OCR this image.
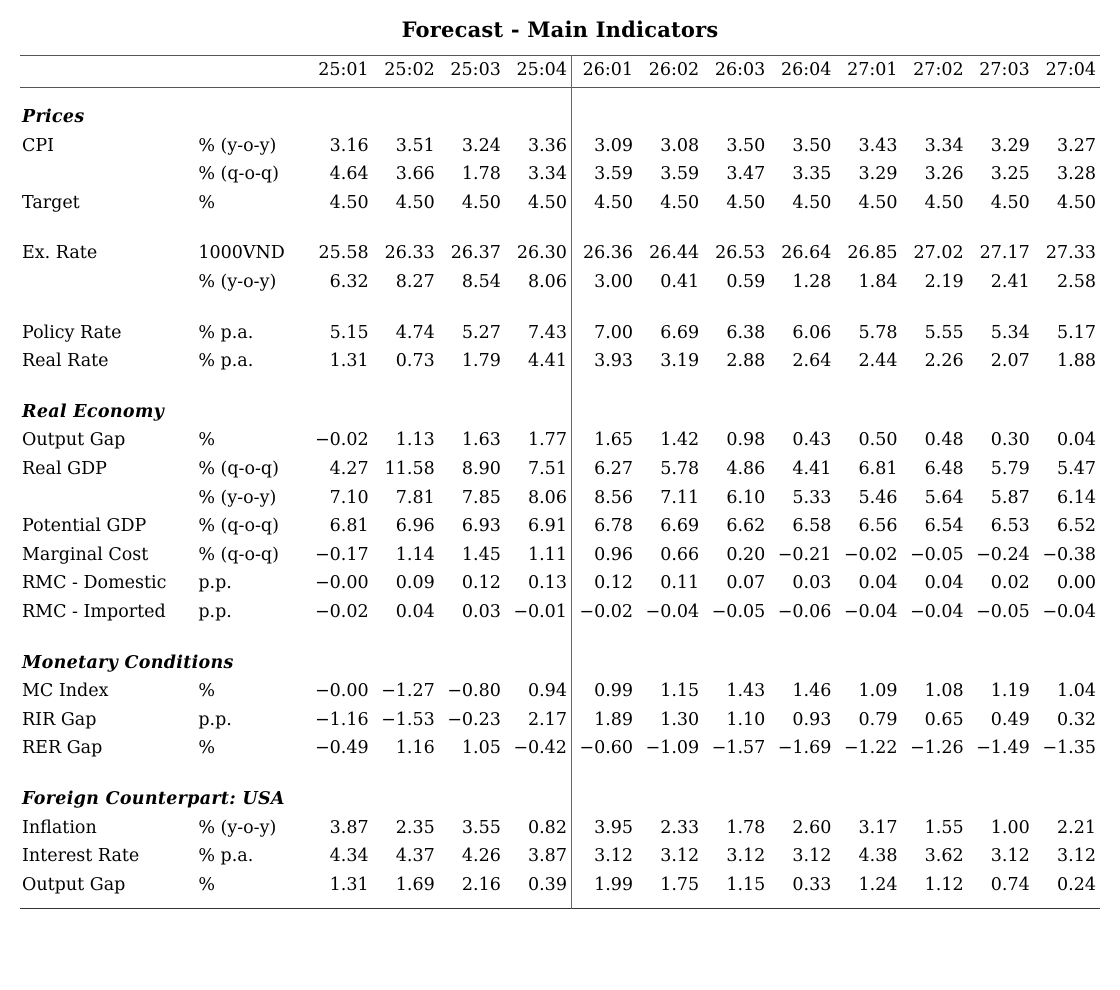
Forecast - Main Indicators

		25:01	25:02	25:03	25:04	26:01	26:02	26:03	26:04	27:01	27:02	27:03	27:04

Prices													
CPI	% (y-o-y)	3.16	3.51	3.24	3.36	3.09	3.08	3.50	3.50	3.43	3.34	3.29	3.27
	% (q-o-q)	4.64	3.66	1.78	3.34	3.59	3.59	3.47	3.35	3.29	3.26	3.25	3.28
Target	%	4.50	4.50	4.50	4.50	4.50	4.50	4.50	4.50	4.50	4.50	4.50	4.50

Ex. Rate	1000VND	25.58	26.33	26.37	26.30	26.36	26.44	26.53	26.64	26.85	27.02	27.17	27.33
	% (y-o-y)	6.32	8.27	8.54	8.06	3.00	0.41	0.59	1.28	1.84	2.19	2.41	2.58

Policy Rate	% p.a.	5.15	4.74	5.27	7.43	7.00	6.69	6.38	6.06	5.78	5.55	5.34	5.17
Real Rate	% p.a.	1.31	0.73	1.79	4.41	3.93	3.19	2.88	2.64	2.44	2.26	2.07	1.88

Real Economy													
Output Gap	%	−0.02	1.13	1.63	1.77	1.65	1.42	0.98	0.43	0.50	0.48	0.30	0.04
Real GDP	% (q-o-q)	4.27	11.58	8.90	7.51	6.27	5.78	4.86	4.41	6.81	6.48	5.79	5.47
	% (y-o-y)	7.10	7.81	7.85	8.06	8.56	7.11	6.10	5.33	5.46	5.64	5.87	6.14
Potential GDP	% (q-o-q)	6.81	6.96	6.93	6.91	6.78	6.69	6.62	6.58	6.56	6.54	6.53	6.52
Marginal Cost	% (q-o-q)	−0.17	1.14	1.45	1.11	0.96	0.66	0.20	−0.21	−0.02	−0.05	−0.24	−0.38
RMC - Domestic	p.p.	−0.00	0.09	0.12	0.13	0.12	0.11	0.07	0.03	0.04	0.04	0.02	0.00
RMC - Imported	p.p.	−0.02	0.04	0.03	−0.01	−0.02	−0.04	−0.05	−0.06	−0.04	−0.04	−0.05	−0.04

Monetary Conditions													
MC Index	%	−0.00	−1.27	−0.80	0.94	0.99	1.15	1.43	1.46	1.09	1.08	1.19	1.04
RIR Gap	p.p.	−1.16	−1.53	−0.23	2.17	1.89	1.30	1.10	0.93	0.79	0.65	0.49	0.32
RER Gap	%	−0.49	1.16	1.05	−0.42	−0.60	−1.09	−1.57	−1.69	−1.22	−1.26	−1.49	−1.35

Foreign Counterpart: USA													
Inflation	% (y-o-y)	3.87	2.35	3.55	0.82	3.95	2.33	1.78	2.60	3.17	1.55	1.00	2.21
Interest Rate	% p.a.	4.34	4.37	4.26	3.87	3.12	3.12	3.12	3.12	4.38	3.62	3.12	3.12
Output Gap	%	1.31	1.69	2.16	0.39	1.99	1.75	1.15	0.33	1.24	1.12	0.74	0.24
